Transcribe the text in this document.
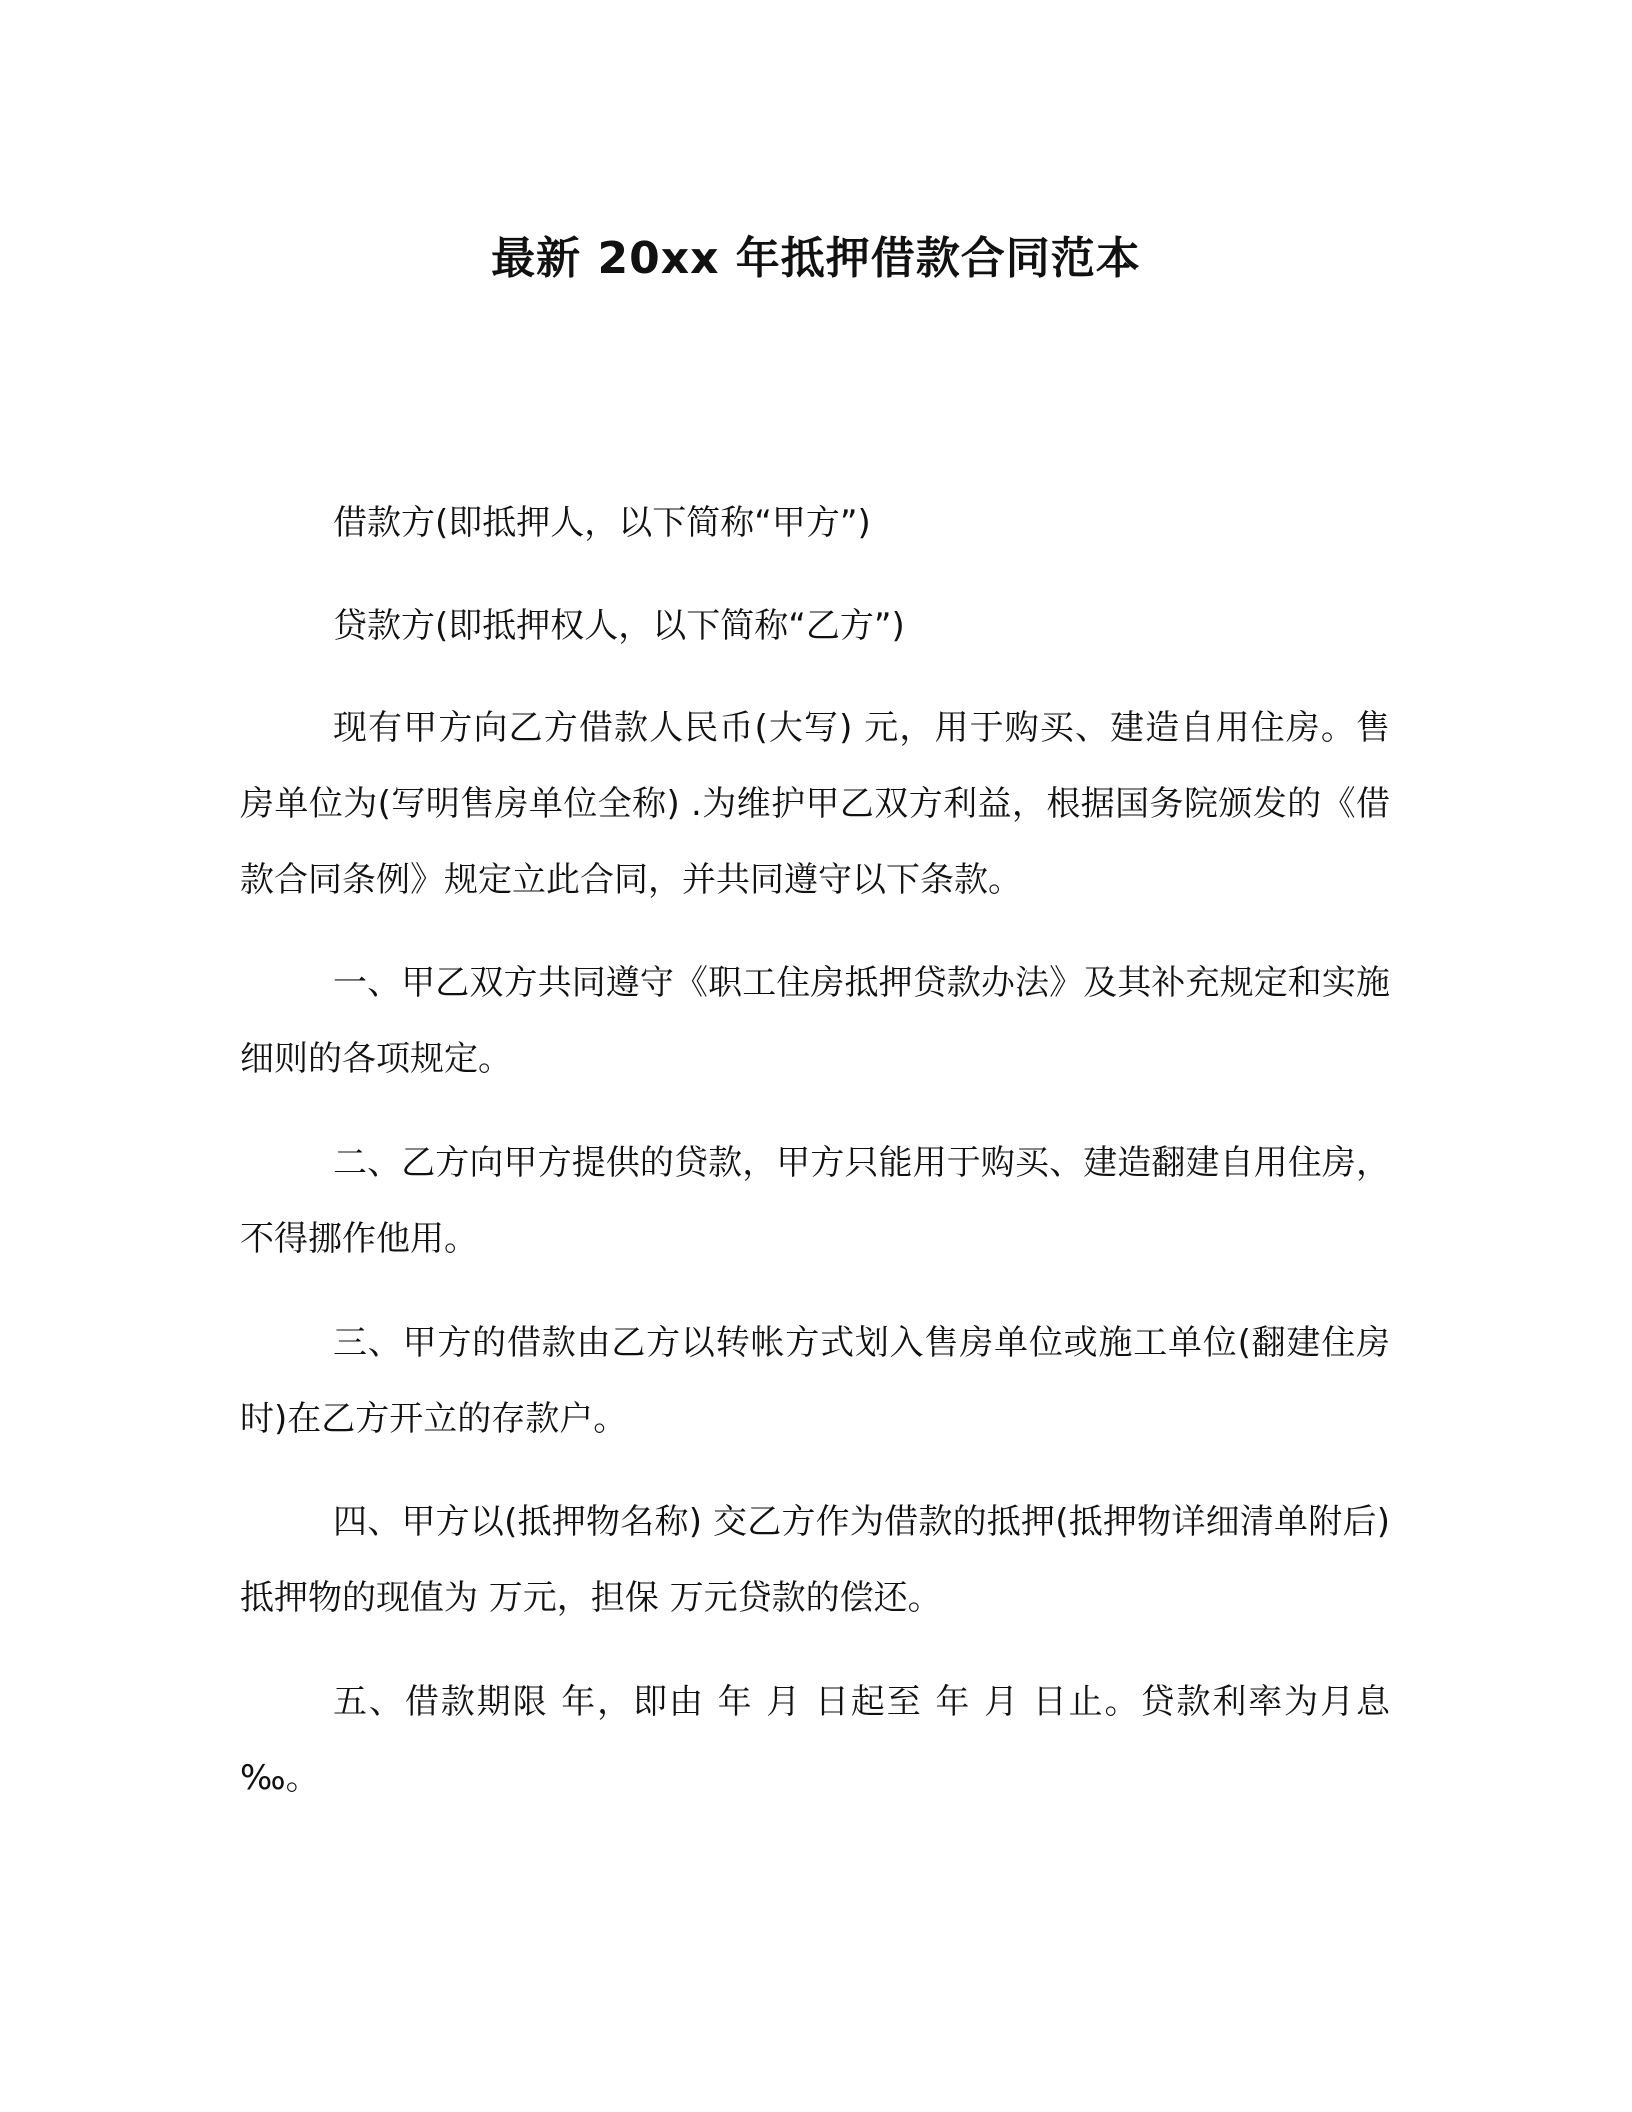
最新 20xx 年抵押借款合同范本

借款方(即抵押人，以下简称“甲方”)

贷款方(即抵押权人，以下简称“乙方”)

现有甲方向乙方借款人民币(大写) 元，用于购买、建造自用住房。售房单位为(写明售房单位全称) .为维护甲乙双方利益，根据国务院颁发的《借款合同条例》规定立此合同，并共同遵守以下条款。

一、甲乙双方共同遵守《职工住房抵押贷款办法》及其补充规定和实施细则的各项规定。

二、乙方向甲方提供的贷款，甲方只能用于购买、建造翻建自用住房，不得挪作他用。

三、甲方的借款由乙方以转帐方式划入售房单位或施工单位(翻建住房时)在乙方开立的存款户。

四、甲方以(抵押物名称) 交乙方作为借款的抵押(抵押物详细清单附后)抵押物的现值为 万元，担保 万元贷款的偿还。

五、借款期限 年，即由 年 月 日起至 年 月 日止。贷款利率为月息 ‰。
